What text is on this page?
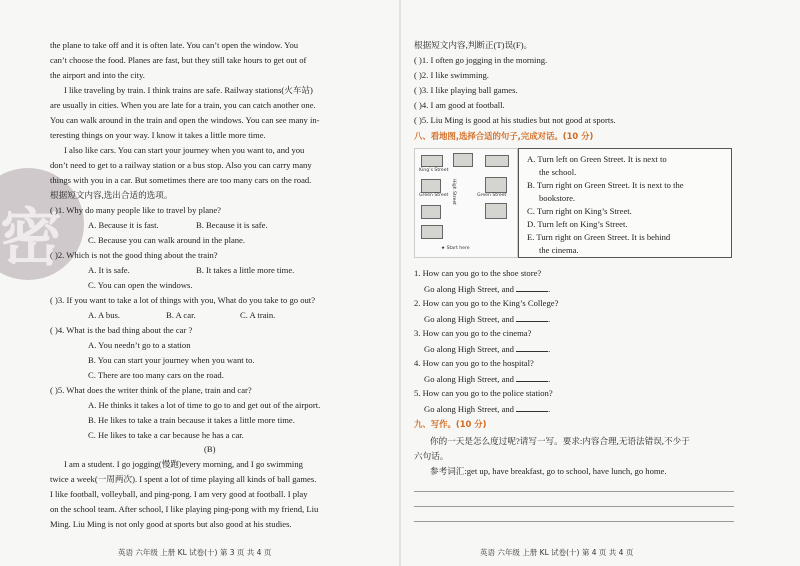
密
the plane to take off and it is often late. You can’t open the window. You
can’t choose the food. Planes are fast, but they still take hours to get out of
the airport and into the city.
I like traveling by train. I think trains are safe. Railway stations(火车站)
are usually in cities. When you are late for a train, you can catch another one.
You can walk around in the train and open the windows. You can see many in-
teresting things on your way. I know it takes a little more time.
I also like cars. You can start your journey when you want to, and you
don’t need to get to a railway station or a bus stop. Also you can carry many
things with you in a car. But sometimes there are too many cars on the road.
根据短文内容,选出合适的选项。
( )1. Why do many people like to travel by plane?
A. Because it is fast.	B. Because it is safe.
C. Because you can walk around in the plane.
( )2. Which is not the good thing about the train?
A. It is safe.	B. It takes a little more time.
C. You can open the windows.
( )3. If you want to take a lot of things with you, What do you take to go out?
A. A bus.	B. A car.	C. A train.
( )4. What is the bad thing about the car ?
A. You needn’t go to a station
B. You can start your journey when you want to.
C. There are too many cars on the road.
( )5. What does the writer think of the plane, train and car?
A. He thinks it takes a lot of time to go to and get out of the airport.
B. He likes to take a train because it takes a little more time.
C. He likes to take a car because he has a car.
(B)
I am a student. I go jogging(慢跑)every morning, and I go swimming
twice a week(一周两次). I spent a lot of time playing all kinds of ball games.
I like football, volleyball, and ping-pong. I am very good at football. I play
on the school team. After school, I like playing ping-pong with my friend, Liu
Ming. Liu Ming is not only good at sports but also good at his studies.
英语 六年级 上册 KL 试卷(十) 第 3 页 共 4 页
根据短文内容,判断正(T)误(F)。
( )1. I often go jogging in the morning.
( )2. I like swimming.
( )3. I like playing ball games.
( )4. I am good at football.
( )5. Liu Ming is good at his studies but not good at sports.
八、看地图,选择合适的句子,完成对话。(10 分)
King’s Street
Green Street	Green Street
High Street
★ Start here
A. Turn left on Green Street. It is next to
the school.
B. Turn right on Green Street. It is next to the
bookstore.
C. Turn right on King’s Street.
D. Turn left on King’s Street.
E. Turn right on Green Street. It is behind
the cinema.
1. How can you go to the shoe store?
Go along High Street, and	.
2. How can you go to the King’s College?
Go along High Street, and	.
3. How can you go to the cinema?
Go along High Street, and	.
4. How can you go to the hospital?
Go along High Street, and	.
5. How can you go to the police station?
Go along High Street, and	.
九、写作。(10 分)
你的一天是怎么度过呢?请写一写。要求:内容合理,无语法错误,不少于
六句话。
参考词汇:get up, have breakfast, go to school, have lunch, go home.
英语 六年级 上册 KL 试卷(十) 第 4 页 共 4 页
